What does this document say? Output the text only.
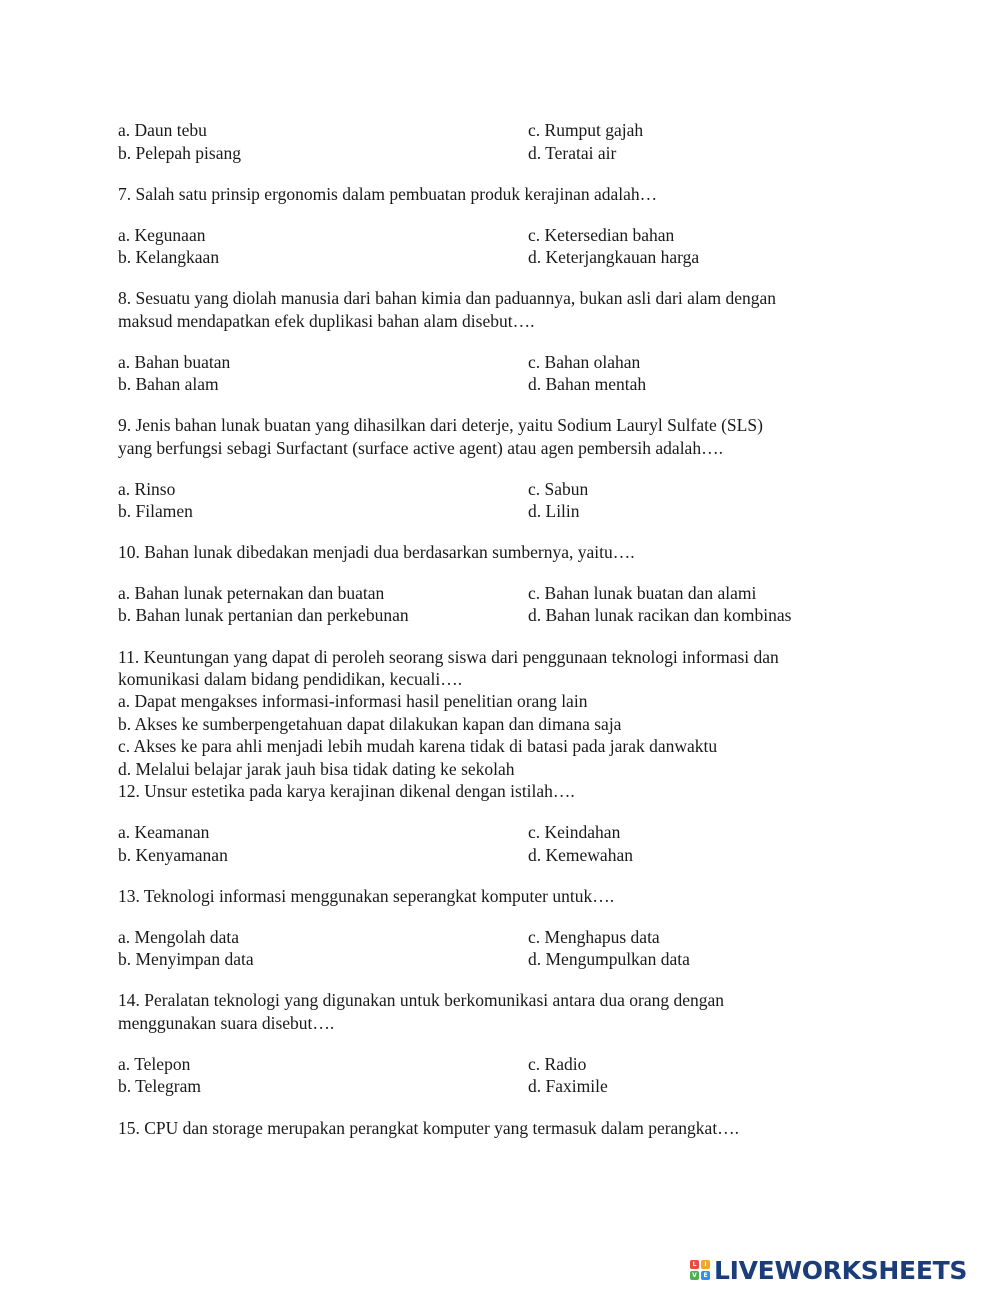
a. Daun tebu	c. Rumput gajah
b. Pelepah pisang	d. Teratai air
7. Salah satu prinsip ergonomis dalam pembuatan produk kerajinan adalah…
a. Kegunaan	c. Ketersedian bahan
b. Kelangkaan	d. Keterjangkauan harga
8. Sesuatu yang diolah manusia dari bahan kimia dan paduannya, bukan asli dari alam dengan
maksud mendapatkan efek duplikasi bahan alam disebut….
a. Bahan buatan	c. Bahan olahan
b. Bahan alam	d. Bahan mentah
9. Jenis bahan lunak buatan yang dihasilkan dari deterje, yaitu Sodium Lauryl Sulfate (SLS)
yang berfungsi sebagi Surfactant (surface active agent) atau agen pembersih adalah….
a. Rinso	c. Sabun
b. Filamen	d. Lilin
10. Bahan lunak dibedakan menjadi dua berdasarkan sumbernya, yaitu….
a. Bahan lunak peternakan dan buatan	c. Bahan lunak buatan dan alami
b. Bahan lunak pertanian dan perkebunan	d. Bahan lunak racikan dan kombinas
11. Keuntungan yang dapat di peroleh seorang siswa dari penggunaan teknologi informasi dan
komunikasi dalam bidang pendidikan, kecuali….
a. Dapat mengakses informasi-informasi hasil penelitian orang lain
b. Akses ke sumberpengetahuan dapat dilakukan kapan dan dimana saja
c. Akses ke para ahli menjadi lebih mudah karena tidak di batasi pada jarak danwaktu
d. Melalui belajar jarak jauh bisa tidak dating ke sekolah
12. Unsur estetika pada karya kerajinan dikenal dengan istilah….
a. Keamanan	c. Keindahan
b. Kenyamanan	d. Kemewahan
13. Teknologi informasi menggunakan seperangkat komputer untuk….
a. Mengolah data	c. Menghapus data
b. Menyimpan data	d. Mengumpulkan data
14. Peralatan teknologi yang digunakan untuk berkomunikasi antara dua orang dengan
menggunakan suara disebut….
a. Telepon	c. Radio
b. Telegram	d. Faximile
15. CPU dan storage merupakan perangkat komputer yang termasuk dalam perangkat….
L	I
V	E LIVEWORKSHEETS
